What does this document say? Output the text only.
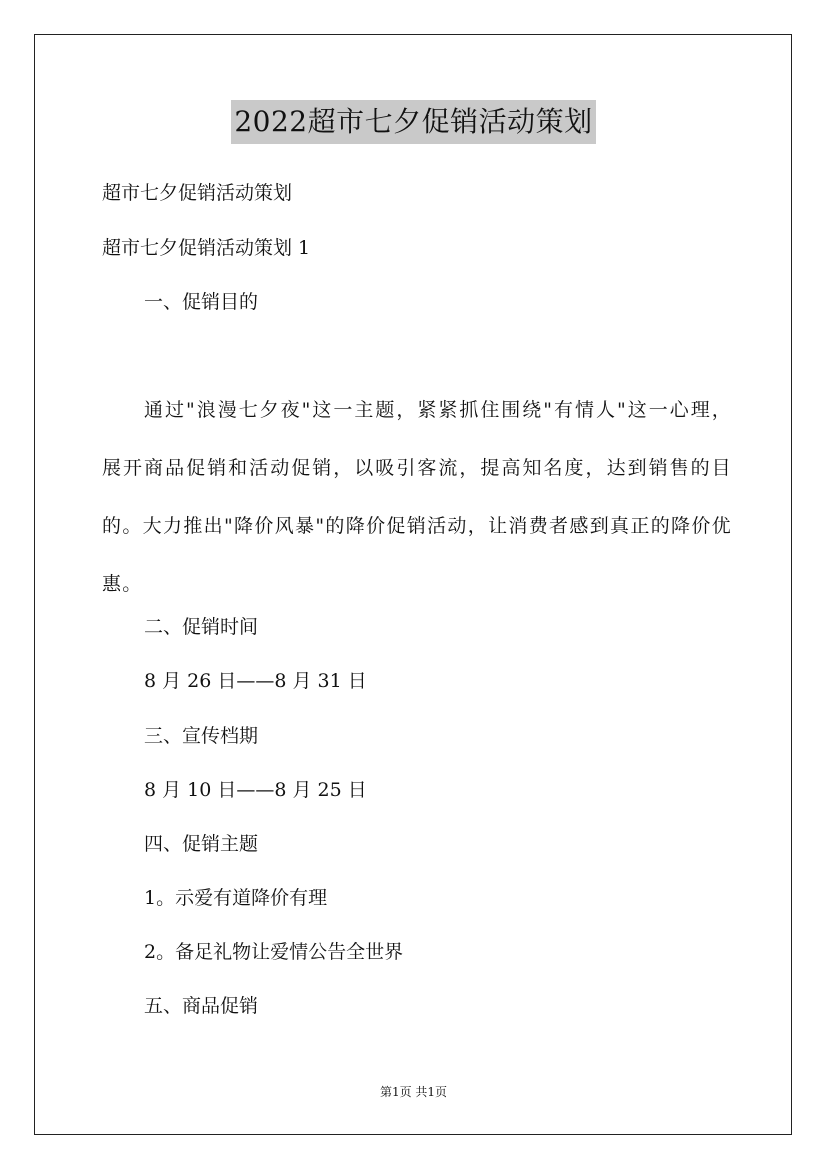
2022超市七夕促销活动策划
超市七夕促销活动策划
超市七夕促销活动策划 1
一、促销目的
通过"浪漫七夕夜"这一主题，紧紧抓住围绕"有情人"这一心理，展开商品促销和活动促销，以吸引客流，提高知名度，达到销售的目的。大力推出"降价风暴"的降价促销活动，让消费者感到真正的降价优惠。
二、促销时间
8 月 26 日——8 月 31 日
三、宣传档期
8 月 10 日——8 月 25 日
四、促销主题
1。示爱有道降价有理
2。备足礼物让爱情公告全世界
五、商品促销
第1页 共1页
